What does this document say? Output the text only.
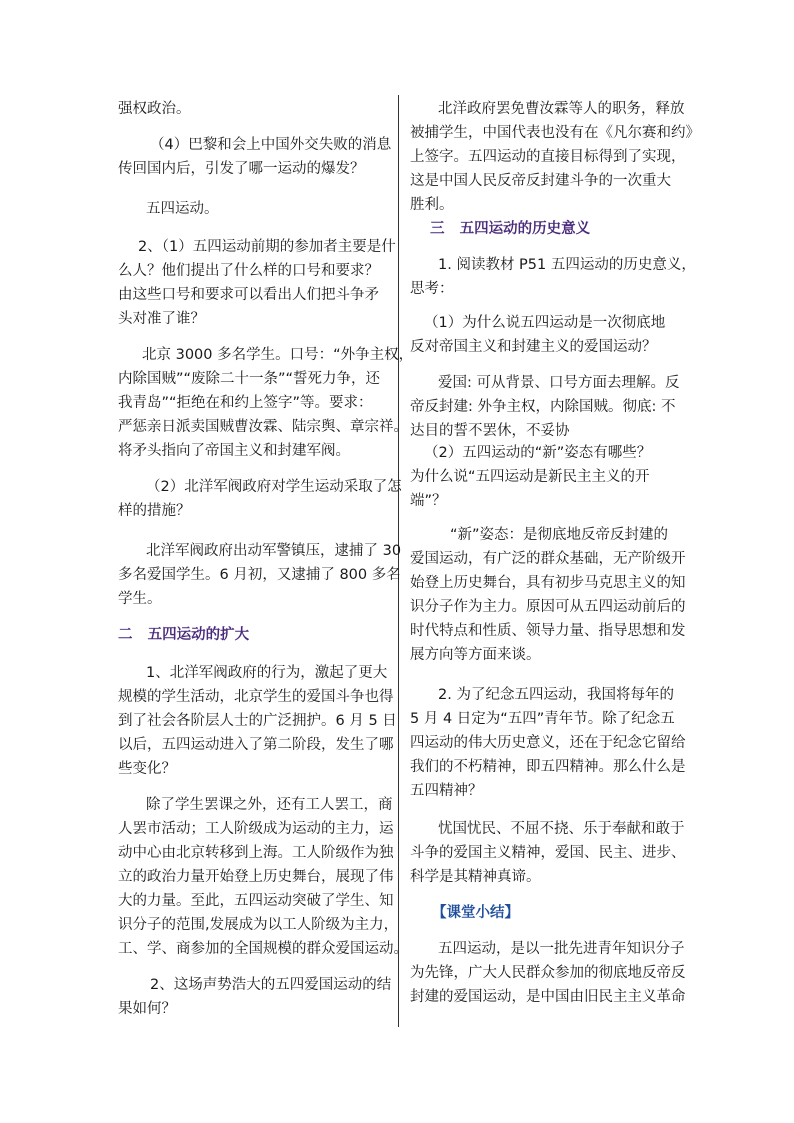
强权政治。

（4）巴黎和会上中国外交失败的消息

传回国内后，引发了哪一运动的爆发？

五四运动。

2、（1）五四运动前期的参加者主要是什

么人？他们提出了什么样的口号和要求？

由这些口号和要求可以看出人们把斗争矛

头对准了谁？

北京 3000 多名学生。口号：“外争主权，

内除国贼”“废除二十一条”“誓死力争，还

我青岛”“拒绝在和约上签字”等。要求：

严惩亲日派卖国贼曹汝霖、陆宗舆、章宗祥。

将矛头指向了帝国主义和封建军阀。

（2）北洋军阀政府对学生运动采取了怎

样的措施？

北洋军阀政府出动军警镇压，逮捕了 30

多名爱国学生。6 月初，又逮捕了 800 多名

学生。

二   五四运动的扩大

1、北洋军阀政府的行为，激起了更大

规模的学生活动，北京学生的爱国斗争也得

到了社会各阶层人士的广泛拥护。6 月 5 日

以后，五四运动进入了第二阶段，发生了哪

些变化？

除了学生罢课之外，还有工人罢工，商

人罢市活动；工人阶级成为运动的主力，运

动中心由北京转移到上海。工人阶级作为独

立的政治力量开始登上历史舞台，展现了伟

大的力量。至此，五四运动突破了学生、知

识分子的范围,发展成为以工人阶级为主力，

工、学、商参加的全国规模的群众爱国运动。

2、这场声势浩大的五四爱国运动的结

果如何？

北洋政府罢免曹汝霖等人的职务，释放

被捕学生，中国代表也没有在《凡尔赛和约》

上签字。五四运动的直接目标得到了实现，

这是中国人民反帝反封建斗争的一次重大

胜利。

三   五四运动的历史意义

1. 阅读教材 P51 五四运动的历史意义，

思考：

（1）为什么说五四运动是一次彻底地

反对帝国主义和封建主义的爱国运动？

爱国: 可从背景、口号方面去理解。反

帝反封建: 外争主权，内除国贼。彻底: 不

达目的誓不罢休，不妥协

（2）五四运动的“新”姿态有哪些？

为什么说“五四运动是新民主主义的开

端”？

“新”姿态：是彻底地反帝反封建的

爱国运动，有广泛的群众基础，无产阶级开

始登上历史舞台，具有初步马克思主义的知

识分子作为主力。原因可从五四运动前后的

时代特点和性质、领导力量、指导思想和发

展方向等方面来谈。

2. 为了纪念五四运动，我国将每年的

5 月 4 日定为“五四”青年节。除了纪念五

四运动的伟大历史意义，还在于纪念它留给

我们的不朽精神，即五四精神。那么什么是

五四精神？

忧国忧民、不屈不挠、乐于奉献和敢于

斗争的爱国主义精神，爱国、民主、进步、

科学是其精神真谛。

【课堂小结】

五四运动，是以一批先进青年知识分子

为先锋，广大人民群众参加的彻底地反帝反

封建的爱国运动，是中国由旧民主主义革命
